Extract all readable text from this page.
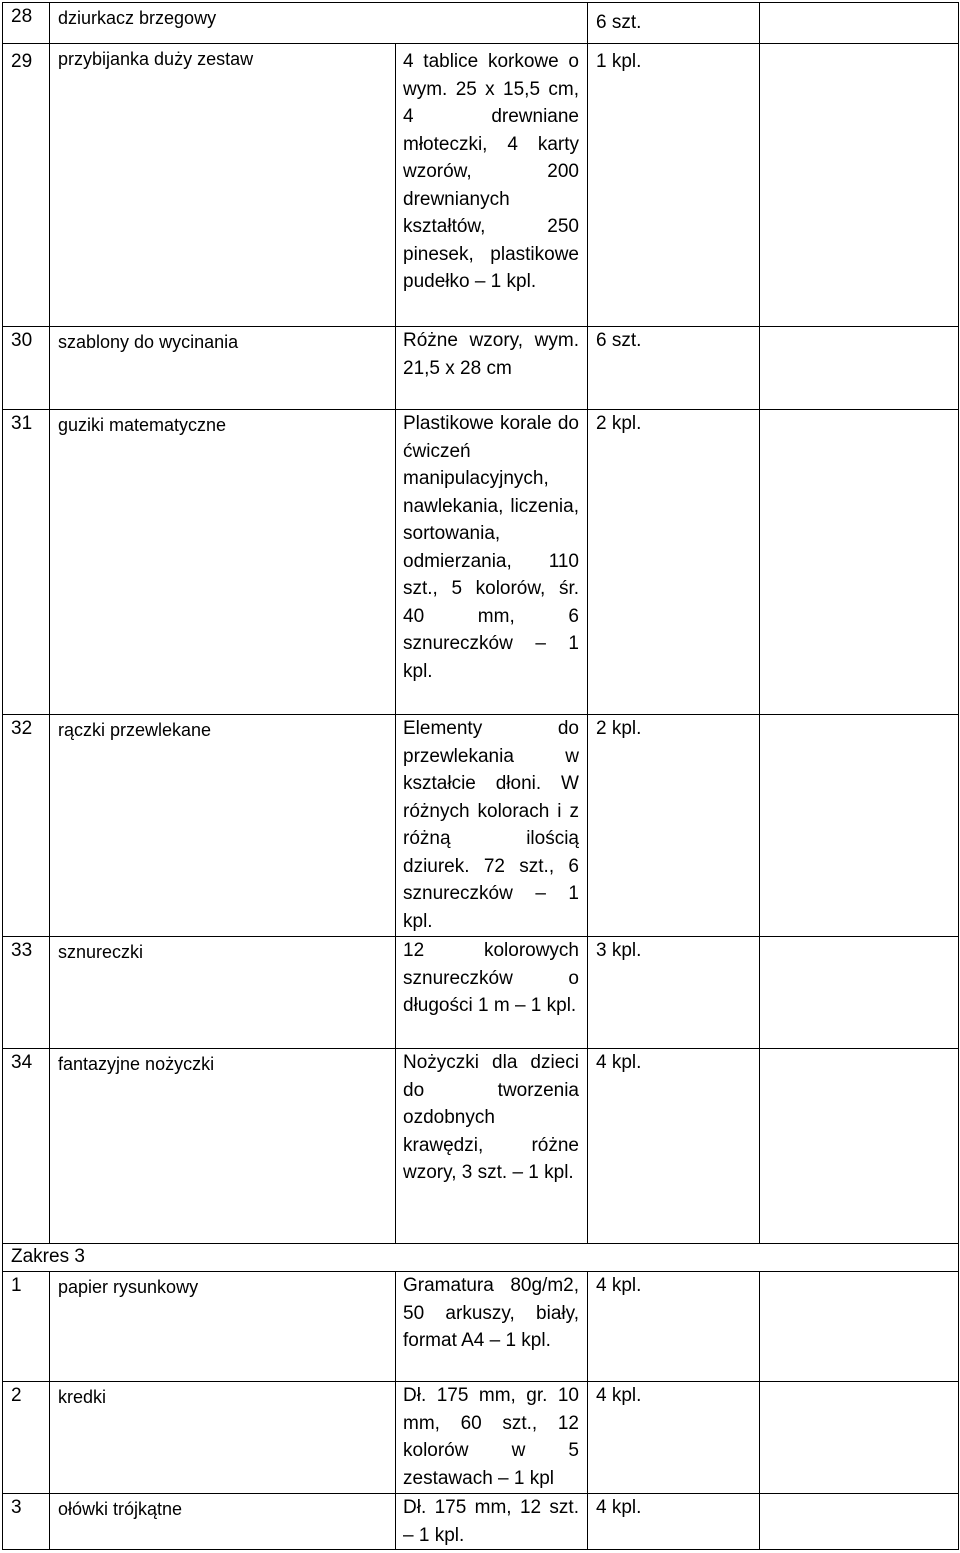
28	dziurkacz brzegowy		6 szt.	
29	przybijanka duży zestaw	4 tablice korkowe o wym. 25 x 15,5 cm, 4 drewniane młoteczki, 4 karty wzorów, 200 drewnianych kształtów, 250 pinesek, plastikowe pudełko – 1 kpl.	1 kpl.	
30	szablony do wycinania	Różne wzory, wym. 21,5 x 28 cm	6 szt.	
31	guziki matematyczne	Plastikowe korale do ćwiczeń manipulacyjnych, nawlekania, liczenia, sortowania, odmierzania, 110 szt., 5 kolorów, śr. 40 mm, 6 sznureczków – 1 kpl.	2 kpl.	
32	rączki przewlekane	Elementy do przewlekania w kształcie dłoni. W różnych kolorach i z różną ilością dziurek. 72 szt., 6 sznureczków – 1 kpl.	2 kpl.	
33	sznureczki	12 kolorowych sznureczków o długości 1 m – 1 kpl.	3 kpl.	
34	fantazyjne nożyczki	Nożyczki dla dzieci do tworzenia ozdobnych krawędzi, różne wzory, 3 szt. – 1 kpl.	4 kpl.	
Zakres 3				
1	papier rysunkowy	Gramatura 80g/m2, 50 arkuszy, biały, format A4 – 1 kpl.	4 kpl.	
2	kredki	Dł. 175 mm, gr. 10 mm, 60 szt., 12 kolorów w 5 zestawach – 1 kpl	4 kpl.	
3	ołówki trójkątne	Dł. 175 mm, 12 szt. – 1 kpl.	4 kpl.	
